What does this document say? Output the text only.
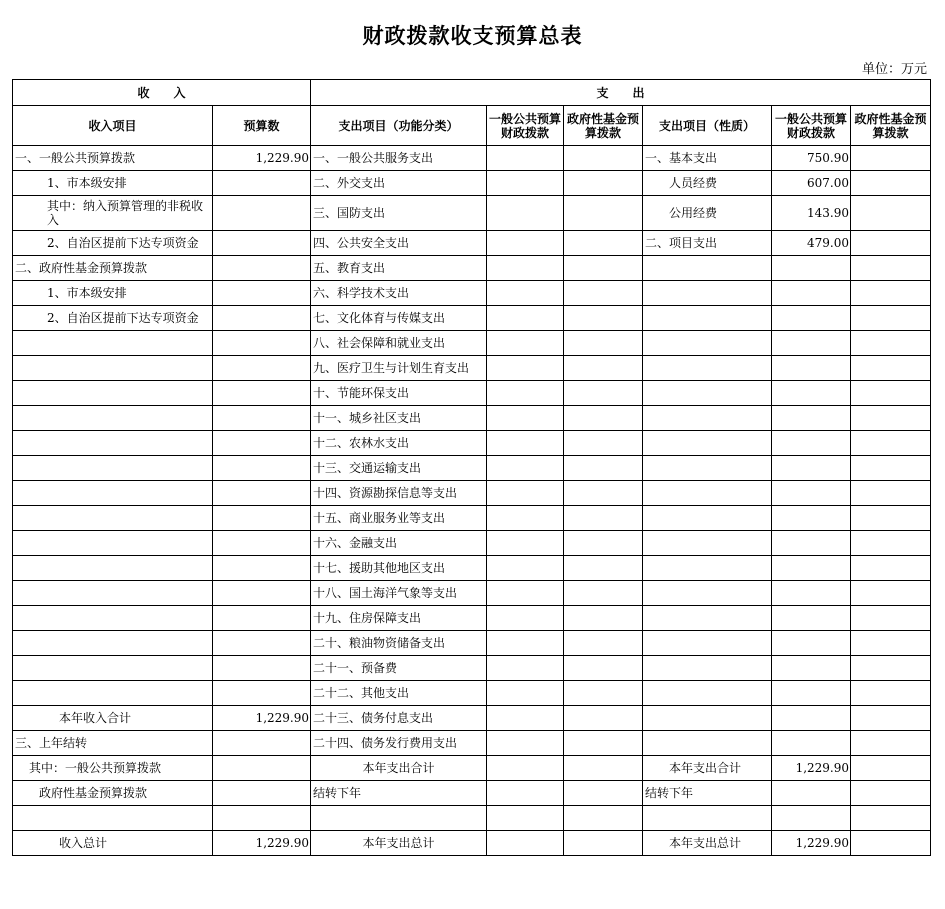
财政拨款收支预算总表
单位：万元
收　　入		支　　出					
收入项目	预算数	支出项目（功能分类）	一般公共预算财政拨款	政府性基金预算拨款	支出项目（性质）	一般公共预算财政拨款	政府性基金预算拨款
一、一般公共预算拨款	1,229.90	一、一般公共服务支出			一、基本支出	750.90	
1、市本级安排		二、外交支出			人员经费	607.00	
其中：纳入预算管理的非税收入		三、国防支出			公用经费	143.90	
2、自治区提前下达专项资金		四、公共安全支出			二、项目支出	479.00	
二、政府性基金预算拨款		五、教育支出					
1、市本级安排		六、科学技术支出					
2、自治区提前下达专项资金		七、文化体育与传媒支出					
		八、社会保障和就业支出					
		九、医疗卫生与计划生育支出					
		十、节能环保支出					
		十一、城乡社区支出					
		十二、农林水支出					
		十三、交通运输支出					
		十四、资源勘探信息等支出					
		十五、商业服务业等支出					
		十六、金融支出					
		十七、援助其他地区支出					
		十八、国土海洋气象等支出					
		十九、住房保障支出					
		二十、粮油物资储备支出					
		二十一、预备费					
		二十二、其他支出					
本年收入合计	1,229.90	二十三、债务付息支出					
三、上年结转		二十四、债务发行费用支出					
其中：一般公共预算拨款		本年支出合计			本年支出合计	1,229.90	
政府性基金预算拨款		结转下年			结转下年		

收入总计	1,229.90	本年支出总计			本年支出总计	1,229.90	
